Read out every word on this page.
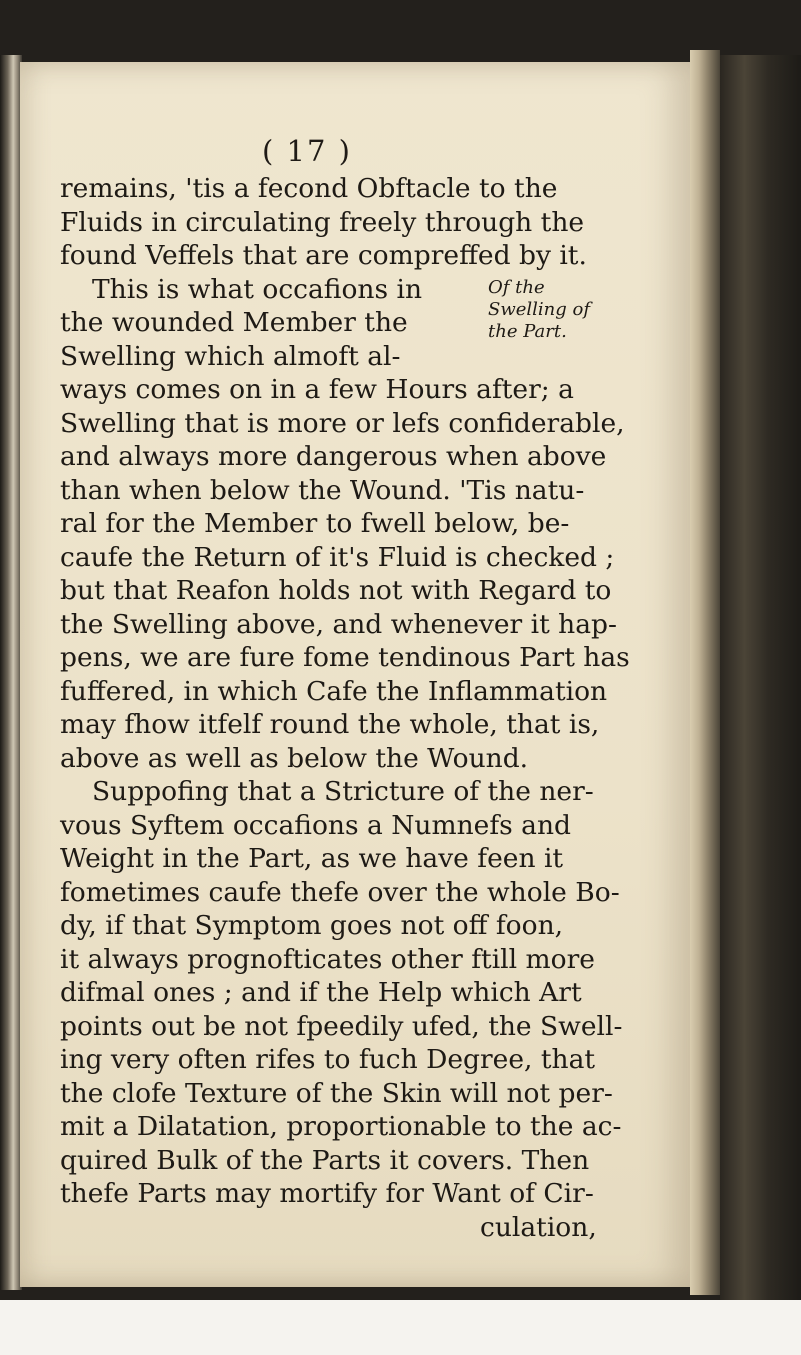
( 17 )
remains, 'tis a fecond Obftacle to the
Fluids in circulating freely through the
found Veffels that are compreffed by it.
This is what occafions in
the wounded Member the
Swelling which almoft al-
Of the
Swelling of
the Part.
ways comes on in a few Hours after; a
Swelling that is more or lefs confiderable,
and always more dangerous when above
than when below the Wound. 'Tis natu-
ral for the Member to fwell below, be-
caufe the Return of it's Fluid is checked ;
but that Reafon holds not with Regard to
the Swelling above, and whenever it hap-
pens, we are fure fome tendinous Part has
fuffered, in which Cafe the Inflammation
may fhow itfelf round the whole, that is,
above as well as below the Wound.
Suppofing that a Stricture of the ner-
vous Syftem occafions a Numnefs and
Weight in the Part, as we have feen it
fometimes caufe thefe over the whole Bo-
dy, if that Symptom goes not off foon,
it always prognofticates other ftill more
difmal ones ; and if the Help which Art
points out be not fpeedily ufed, the Swell-
ing very often rifes to fuch Degree, that
the clofe Texture of the Skin will not per-
mit a Dilatation, proportionable to the ac-
quired Bulk of the Parts it covers. Then
thefe Parts may mortify for Want of Cir-
culation,
